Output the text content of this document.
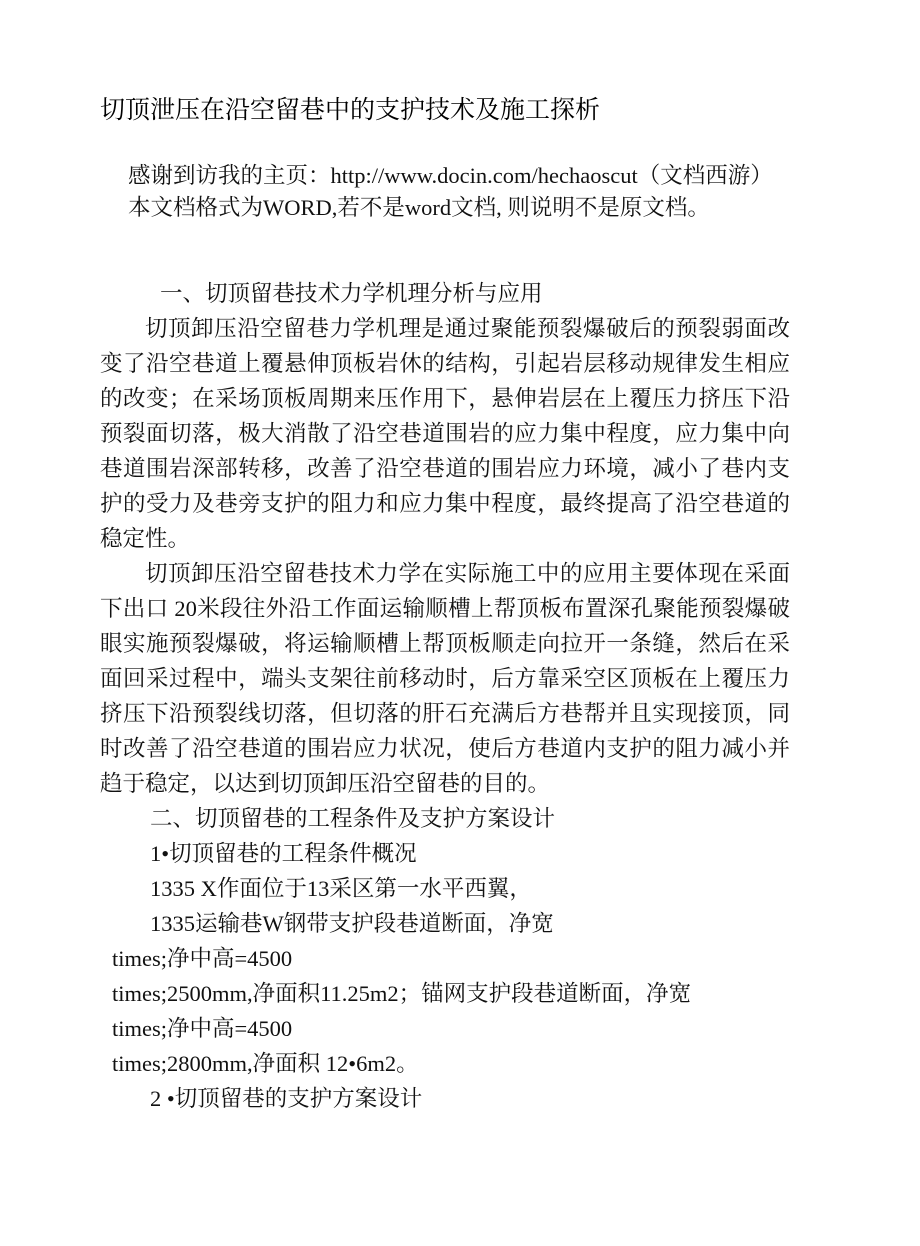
切顶泄压在沿空留巷中的支护技术及施工探析
感谢到访我的主页：http://www.docin.com/hechaoscut（文档西游）
本文档格式为WORD,若不是word文档, 则说明不是原文档。

一、切顶留巷技术力学机理分析与应用

切顶卸压沿空留巷力学机理是通过聚能预裂爆破后的预裂弱面改变了沿空巷道上覆悬伸顶板岩休的结构，引起岩层移动规律发生相应的改变；在采场顶板周期来压作用下，悬伸岩层在上覆压力挤压下沿预裂面切落，极大消散了沿空巷道围岩的应力集中程度，应力集中向巷道围岩深部转移，改善了沿空巷道的围岩应力环境，减小了巷内支护的受力及巷旁支护的阻力和应力集中程度，最终提高了沿空巷道的稳定性。

切顶卸压沿空留巷技术力学在实际施工中的应用主要体现在采面下出口 20米段往外沿工作面运输顺槽上帮顶板布置深孔聚能预裂爆破眼实施预裂爆破，将运输顺槽上帮顶板顺走向拉开一条缝，然后在采面回采过程中，端头支架往前移动时，后方靠采空区顶板在上覆压力挤压下沿预裂线切落，但切落的肝石充满后方巷帮并且实现接顶，同时改善了沿空巷道的围岩应力状况，使后方巷道内支护的阻力减小并趋于稳定，以达到切顶卸压沿空留巷的目的。

二、切顶留巷的工程条件及支护方案设计

1•切顶留巷的工程条件概况

1335 X作面位于13采区第一水平西翼，

1335运输巷W钢带支护段巷道断面，净宽

times;净中高=4500

times;2500mm,净面积11.25m2；锚网支护段巷道断面，净宽

times;净中高=4500

times;2800mm,净面积 12•6m2。

2 •切顶留巷的支护方案设计
